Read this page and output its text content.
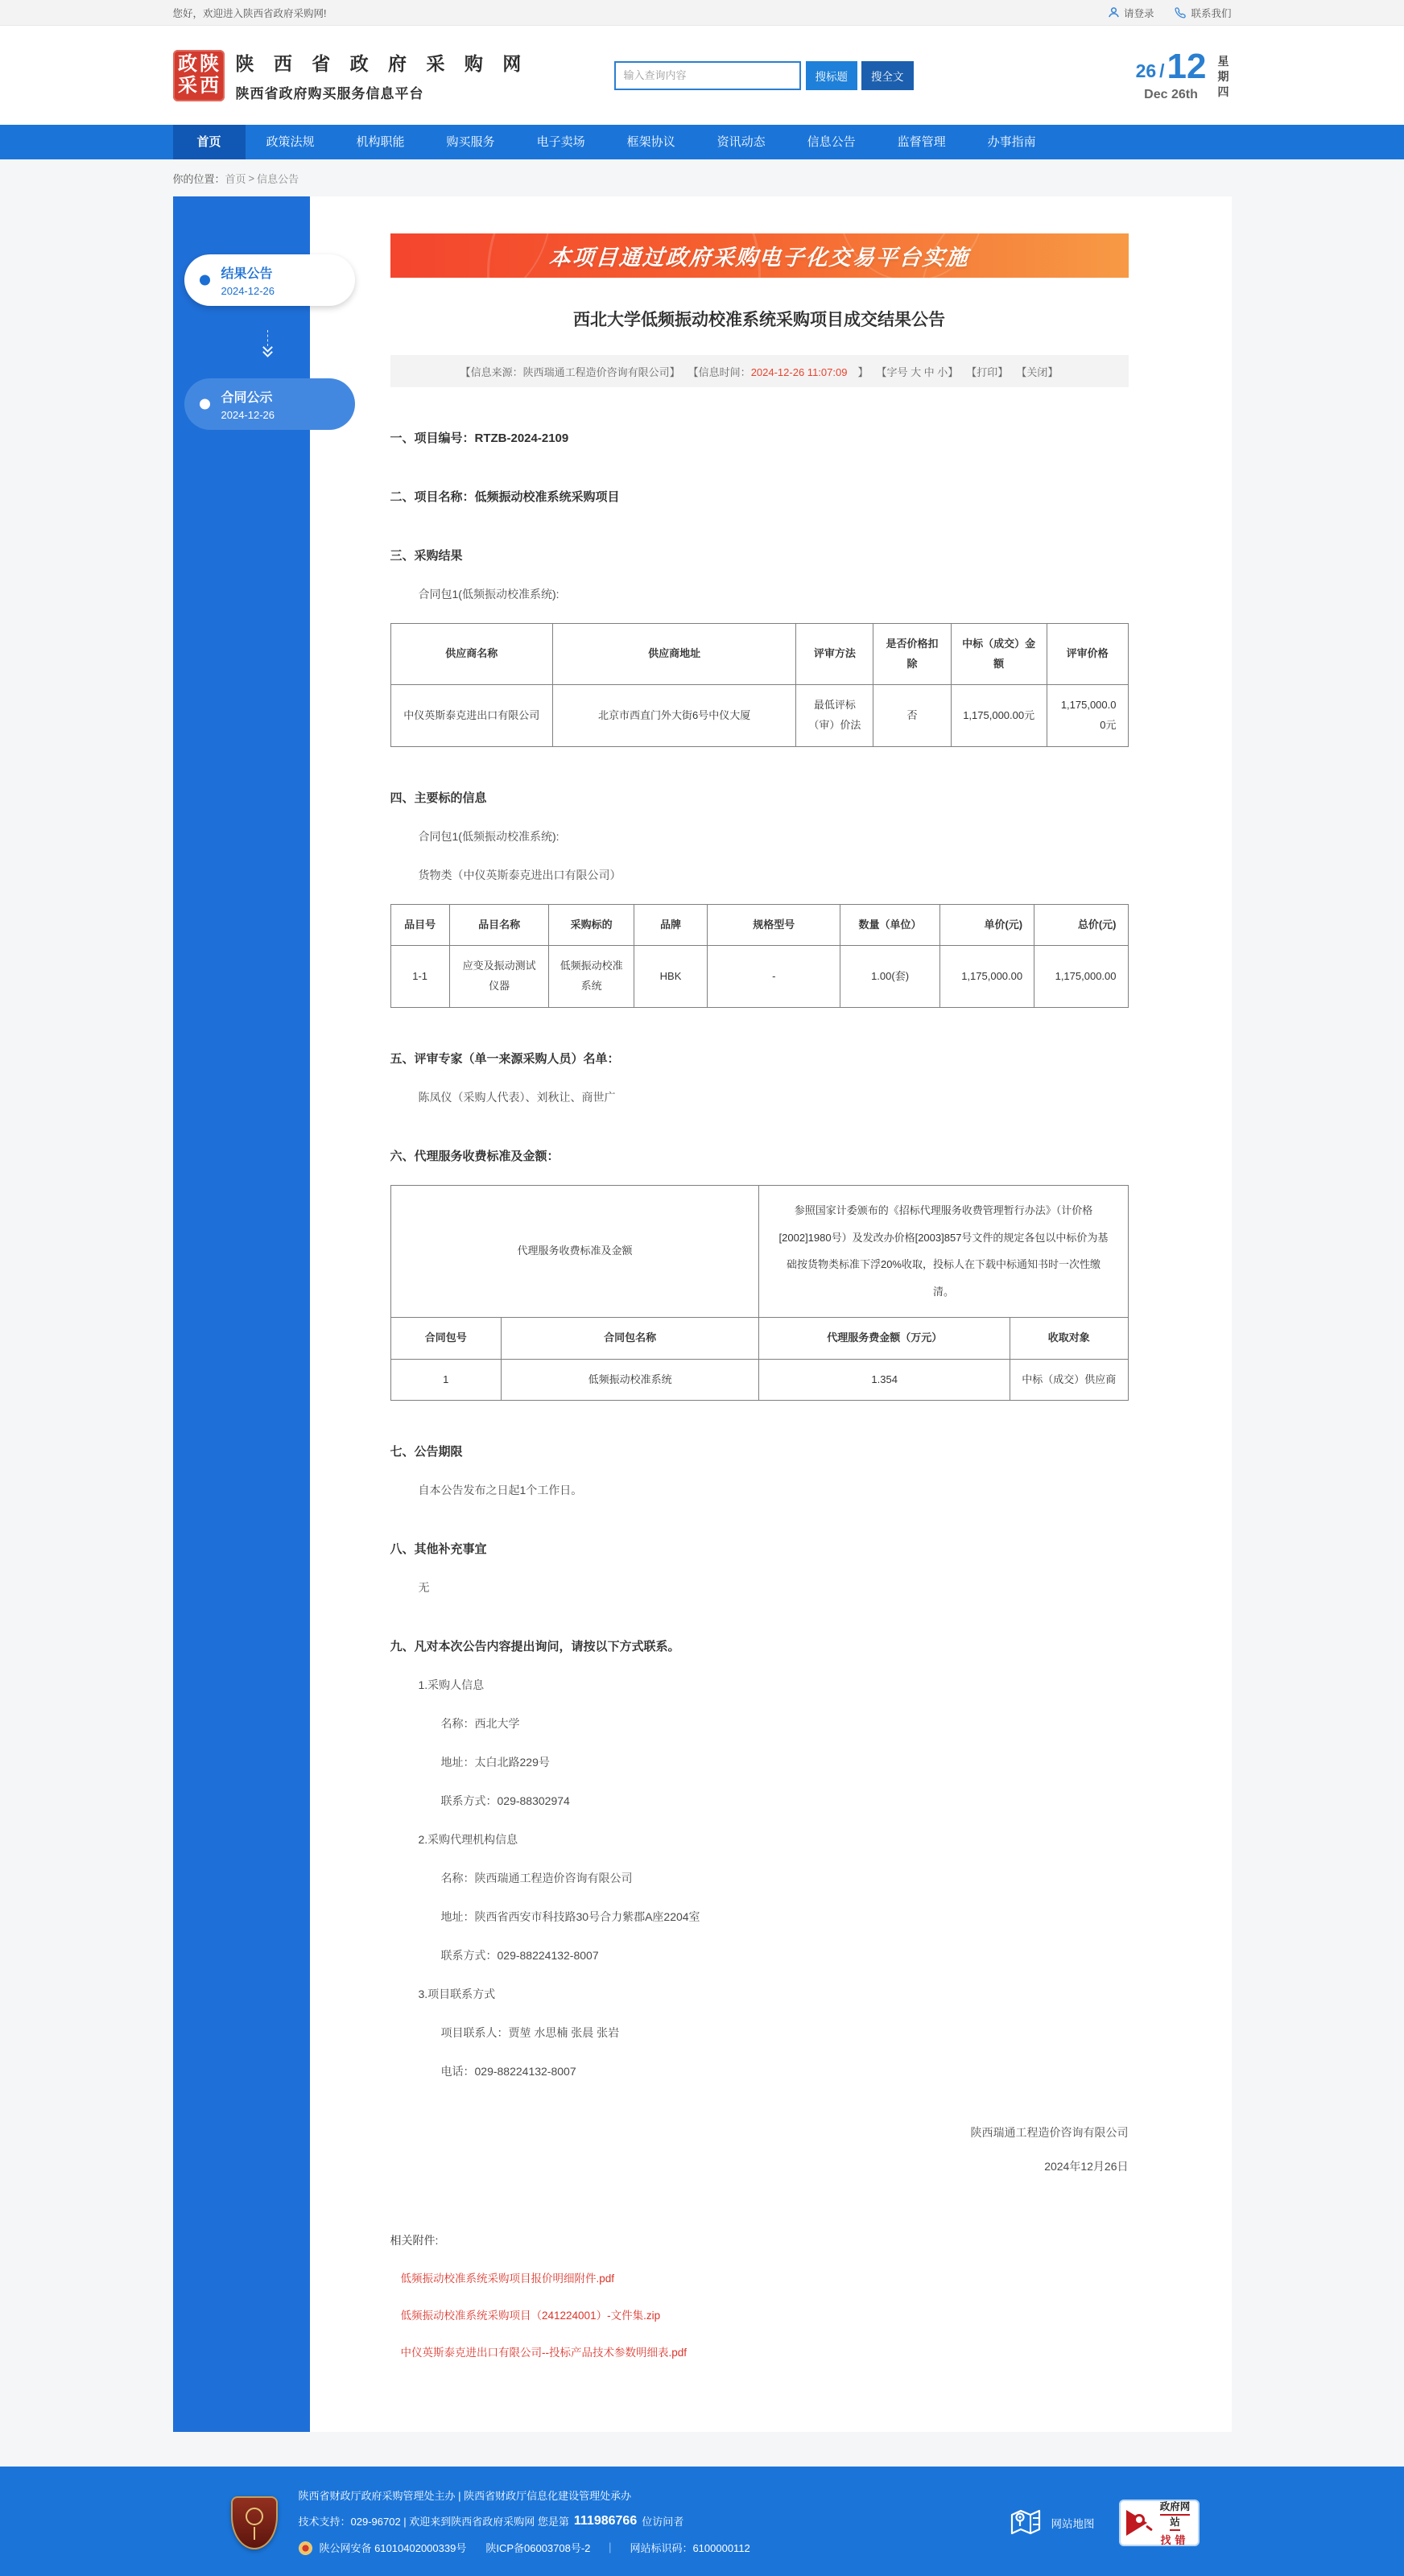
您好，欢迎进入陕西省政府采购网!	请登录	联系我们
政 陕
采 西
陕 西 省 政 府 采 购 网
陕西省政府购买服务信息平台
输入查询内容
搜标题	搜全文	26 / 12
Dec 26th
星期四
首页	政策法规	机构职能	购买服务	电子卖场	框架协议	资讯动态	信息公告	监督管理	办事指南
你的位置： 首页 > 信息公告
结果公告
2024-12-26
合同公示
2024-12-26
本项目通过政府采购电子化交易平台实施
西北大学低频振动校准系统采购项目成交结果公告
【信息来源：陕西瑞通工程造价咨询有限公司】 【信息时间：2024-12-26 11:07:09　】 【字号 大 中 小】 【打印】 【关闭】
一、项目编号：RTZB-2024-2109
二、项目名称：低频振动校准系统采购项目
三、采购结果
合同包1(低频振动校准系统):
供应商名称	供应商地址	评审方法	是否价格扣除	中标（成交）金额	评审价格
中仪英斯泰克进出口有限公司	北京市西直门外大街6号中仪大厦	最低评标（审）价法	否	1,175,000.00元	1,175,000.00元
四、主要标的信息
合同包1(低频振动校准系统):
货物类（中仪英斯泰克进出口有限公司）
品目号	品目名称	采购标的	品牌	规格型号	数量（单位）	单价(元)	总价(元)
1-1	应变及振动测试仪器	低频振动校准系统	HBK	-	1.00(套)	1,175,000.00	1,175,000.00
五、评审专家（单一来源采购人员）名单：
陈凤仪（采购人代表）、刘秋让、商世广
六、代理服务收费标准及金额：
代理服务收费标准及金额		参照国家计委颁布的《招标代理服务收费管理暂行办法》（计价格[2002]1980号）及发改办价格[2003]857号文件的规定各包以中标价为基础按货物类标准下浮20%收取，投标人在下载中标通知书时一次性缴清。	
合同包号	合同包名称	代理服务费金额（万元）	收取对象
1	低频振动校准系统	1.354	中标（成交）供应商
七、公告期限
自本公告发布之日起1个工作日。
八、其他补充事宜
无
九、凡对本次公告内容提出询问，请按以下方式联系。
1.采购人信息
名称：西北大学
地址：太白北路229号
联系方式：029-88302974
2.采购代理机构信息
名称：陕西瑞通工程造价咨询有限公司
地址：陕西省西安市科技路30号合力紫郡A座2204室
联系方式：029-88224132-8007
3.项目联系方式
项目联系人：贾堃 水思楠 张晨 张岩
电话：029-88224132-8007
陕西瑞通工程造价咨询有限公司
2024年12月26日
相关附件:
低频振动校准系统采购项目报价明细附件.pdf
低频振动校准系统采购项目（241224001）-文件集.zip
中仪英斯泰克进出口有限公司--投标产品技术参数明细表.pdf
陕西省财政厅政府采购管理处主办 | 陕西省财政厅信息化建设管理处承办
技术支持：029-96702 | 欢迎来到陕西省政府采购网 您是第 111986766 位访问者
陕公网安备 61010402000339号 陕ICP备06003708号-2 ｜ 网站标识码：6100000112
网站地图
政府网站
找错
